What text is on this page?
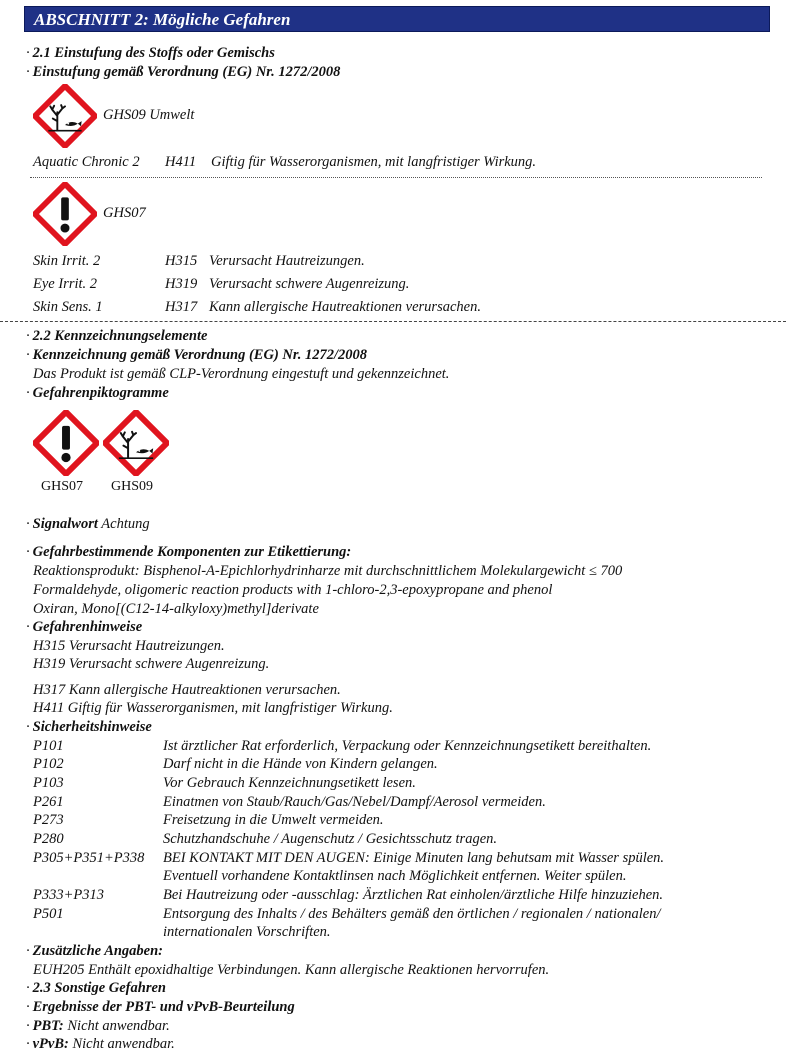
ABSCHNITT 2: Mögliche Gefahren
· 2.1 Einstufung des Stoffs oder Gemischs
· Einstufung gemäß Verordnung (EG) Nr. 1272/2008
GHS09 Umwelt
Aquatic Chronic 2 H411 Giftig für Wasserorganismen, mit langfristiger Wirkung.
GHS07
Skin Irrit. 2	H315 Verursacht Hautreizungen.
Eye Irrit. 2	H319 Verursacht schwere Augenreizung.
Skin Sens. 1	H317 Kann allergische Hautreaktionen verursachen.
· 2.2 Kennzeichnungselemente
· Kennzeichnung gemäß Verordnung (EG) Nr. 1272/2008
Das Produkt ist gemäß CLP-Verordnung eingestuft und gekennzeichnet.
· Gefahrenpiktogramme
GHS07 GHS09
· Signalwort Achtung
· Gefahrbestimmende Komponenten zur Etikettierung:
Reaktionsprodukt: Bisphenol-A-Epichlorhydrinharze mit durchschnittlichem Molekulargewicht ≤ 700
Formaldehyde, oligomeric reaction products with 1-chloro-2,3-epoxypropane and phenol
Oxiran, Mono[(C12-14-alkyloxy)methyl]derivate
· Gefahrenhinweise
H315 Verursacht Hautreizungen.
H319 Verursacht schwere Augenreizung.
H317 Kann allergische Hautreaktionen verursachen.
H411 Giftig für Wasserorganismen, mit langfristiger Wirkung.
· Sicherheitshinweise
P101	Ist ärztlicher Rat erforderlich, Verpackung oder Kennzeichnungsetikett bereithalten.
P102	Darf nicht in die Hände von Kindern gelangen.
P103	Vor Gebrauch Kennzeichnungsetikett lesen.
P261	Einatmen von Staub/Rauch/Gas/Nebel/Dampf/Aerosol vermeiden.
P273	Freisetzung in die Umwelt vermeiden.
P280	Schutzhandschuhe / Augenschutz / Gesichtsschutz tragen.
P305+P351+P338 BEI KONTAKT MIT DEN AUGEN: Einige Minuten lang behutsam mit Wasser spülen.
Eventuell vorhandene Kontaktlinsen nach Möglichkeit entfernen. Weiter spülen.
P333+P313	Bei Hautreizung oder -ausschlag: Ärztlichen Rat einholen/ärztliche Hilfe hinzuziehen.
P501	Entsorgung des Inhalts / des Behälters gemäß den örtlichen / regionalen / nationalen/
internationalen Vorschriften.
· Zusätzliche Angaben:
EUH205 Enthält epoxidhaltige Verbindungen. Kann allergische Reaktionen hervorrufen.
· 2.3 Sonstige Gefahren
· Ergebnisse der PBT- und vPvB-Beurteilung
· PBT: Nicht anwendbar.
· vPvB: Nicht anwendbar.
